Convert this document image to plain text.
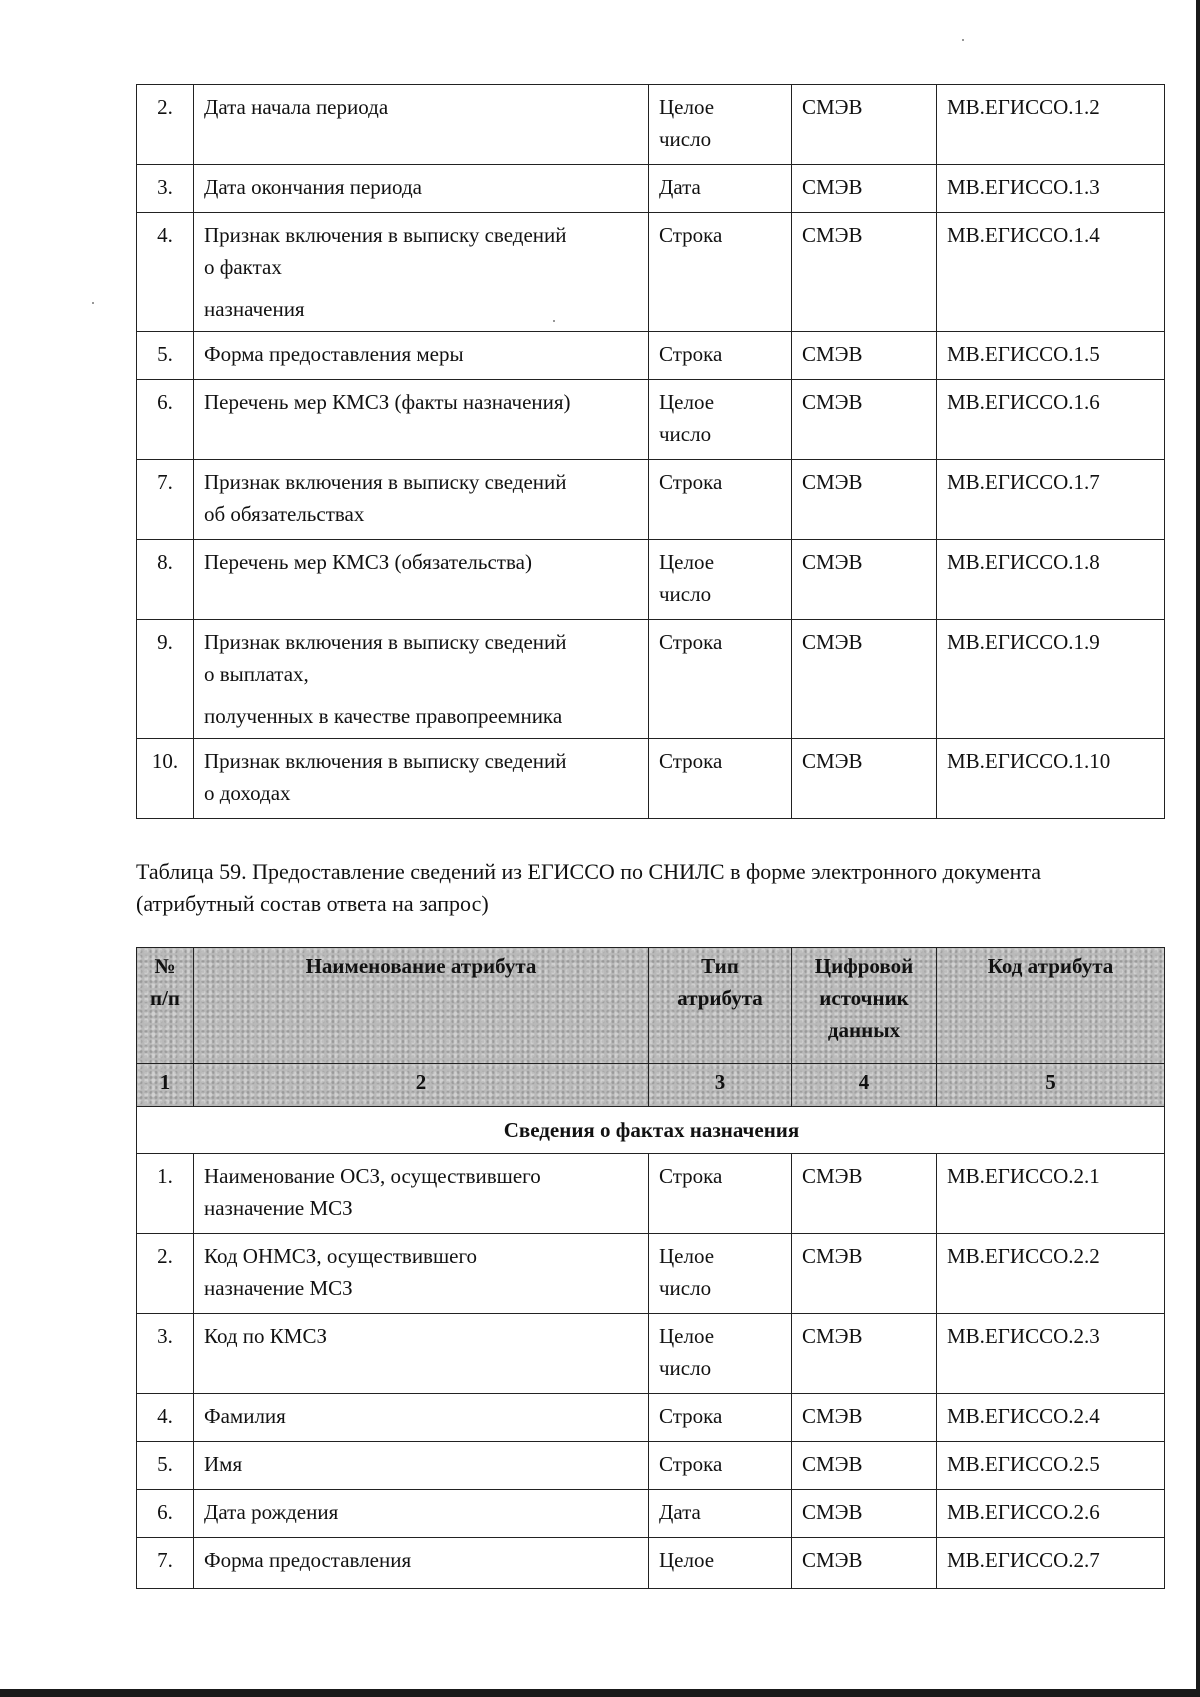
2.	Дата начала периода	Целое
число	СМЭВ	МВ.ЕГИССО.1.2
3.	Дата окончания периода	Дата	СМЭВ	МВ.ЕГИССО.1.3
4.	Признак включения в выписку сведений
о фактах
назначения	Строка	СМЭВ	МВ.ЕГИССО.1.4
5.	Форма предоставления меры	Строка	СМЭВ	МВ.ЕГИССО.1.5
6.	Перечень мер КМСЗ (факты назначения)	Целое
число	СМЭВ	МВ.ЕГИССО.1.6
7.	Признак включения в выписку сведений
об обязательствах	Строка	СМЭВ	МВ.ЕГИССО.1.7
8.	Перечень мер КМСЗ (обязательства)	Целое
число	СМЭВ	МВ.ЕГИССО.1.8
9.	Признак включения в выписку сведений
о выплатах,
полученных в качестве правопреемника	Строка	СМЭВ	МВ.ЕГИССО.1.9
10.	Признак включения в выписку сведений
о доходах	Строка	СМЭВ	МВ.ЕГИССО.1.10
Таблица 59. Предоставление сведений из ЕГИССО по СНИЛС в форме электронного документа
(атрибутный состав ответа на запрос)
№
п/п	Наименование атрибута	Тип
атрибута	Цифровой
источник
данных	Код атрибута

1	2	3	4	5
Сведения о фактах назначения				
1.	Наименование ОСЗ, осуществившего
назначение МСЗ	Строка	СМЭВ	МВ.ЕГИССО.2.1
2.	Код ОНМСЗ, осуществившего
назначение МСЗ	Целое
число	СМЭВ	МВ.ЕГИССО.2.2
3.	Код по КМСЗ	Целое
число	СМЭВ	МВ.ЕГИССО.2.3
4.	Фамилия	Строка	СМЭВ	МВ.ЕГИССО.2.4
5.	Имя	Строка	СМЭВ	МВ.ЕГИССО.2.5
6.	Дата рождения	Дата	СМЭВ	МВ.ЕГИССО.2.6
7.	Форма предоставления	Целое	СМЭВ	МВ.ЕГИССО.2.7
